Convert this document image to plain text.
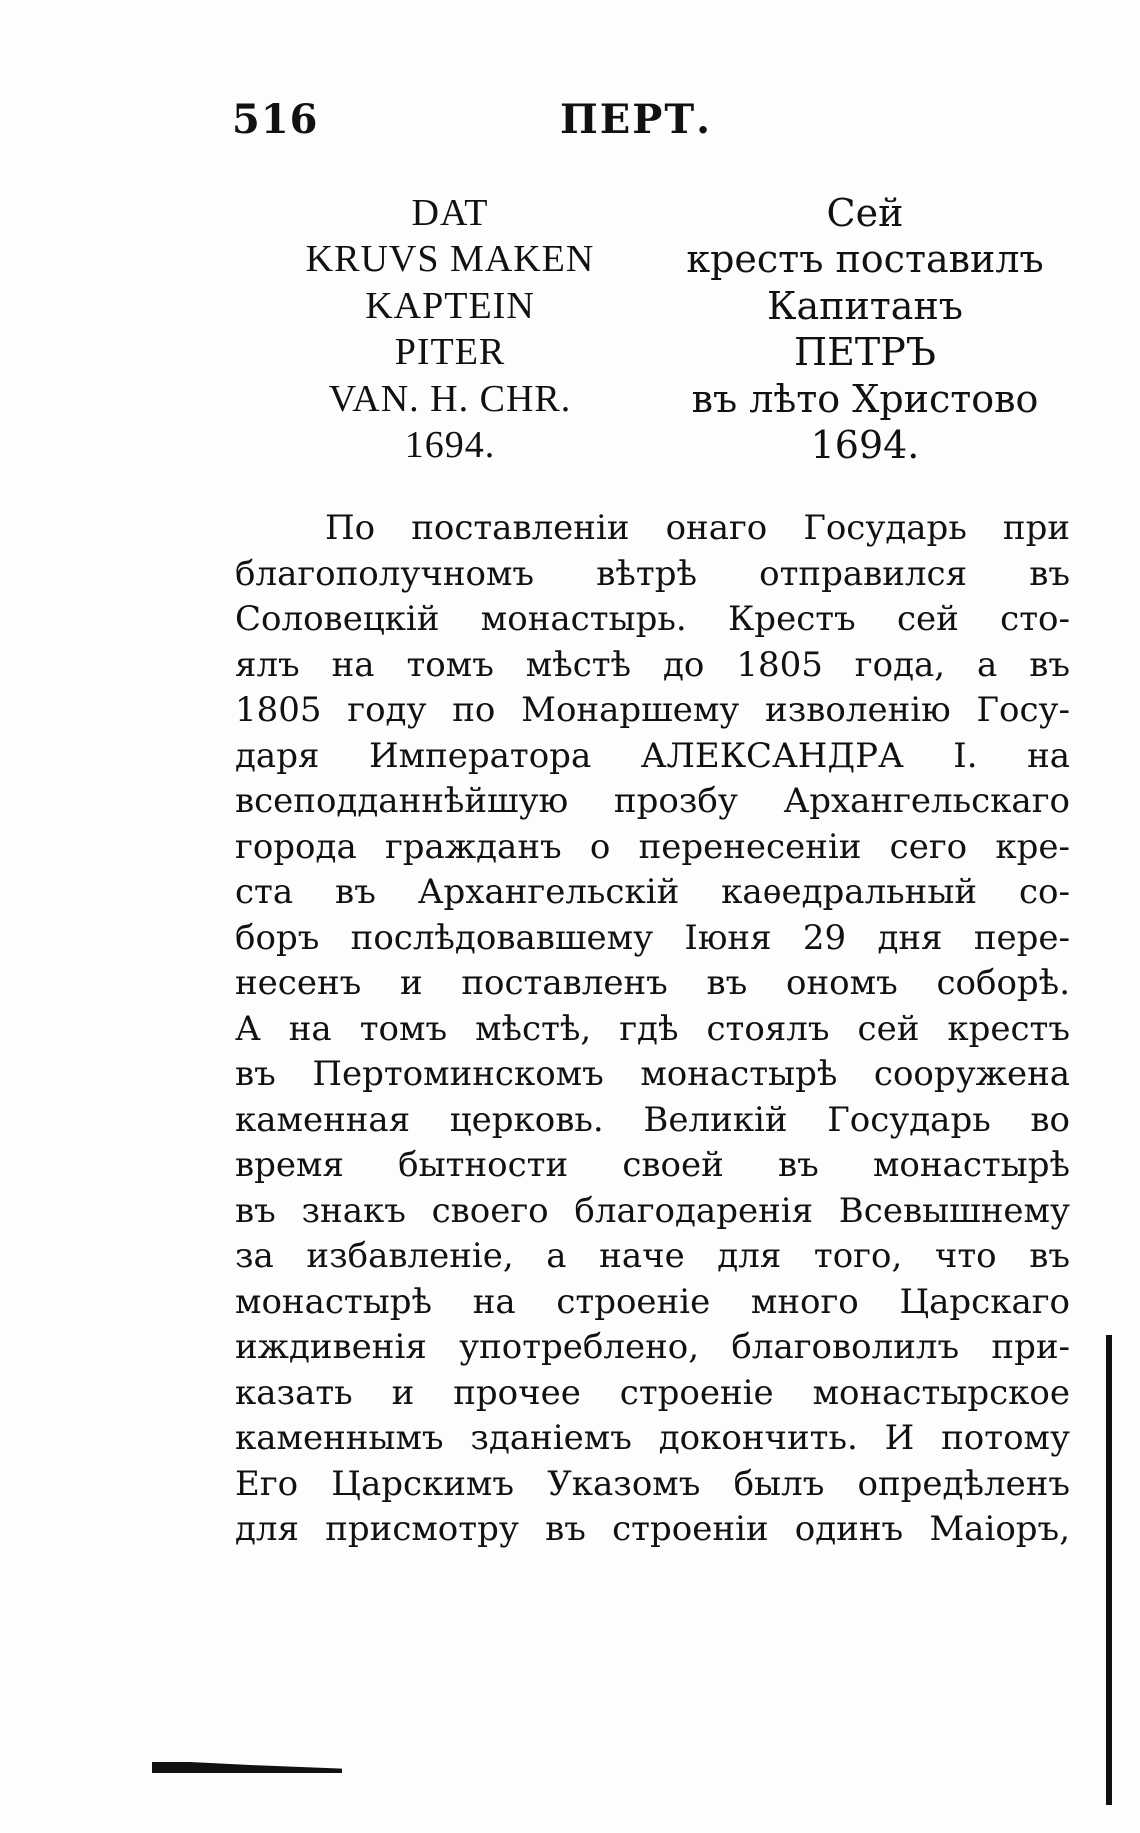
516	ПЕРТ.
DAT
KRUVS MAKEN
KAPTEIN
PITER
VAN. H. CHR.
1694.
Сей
крестъ поставилъ
Капитанъ
ПЕТРЪ
въ лѣто Христово
1694.
По поставленіи онаго Государь при
благополучномъ вѣтрѣ отправился въ
Соловецкій монастырь. Крестъ сей сто-
ялъ на томъ мѣстѣ до 1805 года, а въ
1805 году по Монаршему изволенію Госу-
даря Императора АЛЕКСАНДРА I. на
всеподданнѣйшую прозбу Архангельскаго
города гражданъ о перенесеніи сего кре-
ста въ Архангельскій каѳедральный со-
боръ послѣдовавшему Іюня 29 дня пере-
несенъ и поставленъ въ ономъ соборѣ.
А на томъ мѣстѣ, гдѣ стоялъ сей крестъ
въ Пертоминскомъ монастырѣ сооружена
каменная церковь. Великій Государь во
время бытности своей въ монастырѣ
въ знакъ своего благодаренія Всевышнему
за избавленіе, а наче для того, что въ
монастырѣ на строеніе много Царскаго
иждивенія употреблено, благоволилъ при-
казать и прочее строеніе монастырское
каменнымъ зданіемъ докончить. И потому
Его Царскимъ Указомъ былъ опредѣленъ
для присмотру въ строеніи одинъ Маіоръ,
